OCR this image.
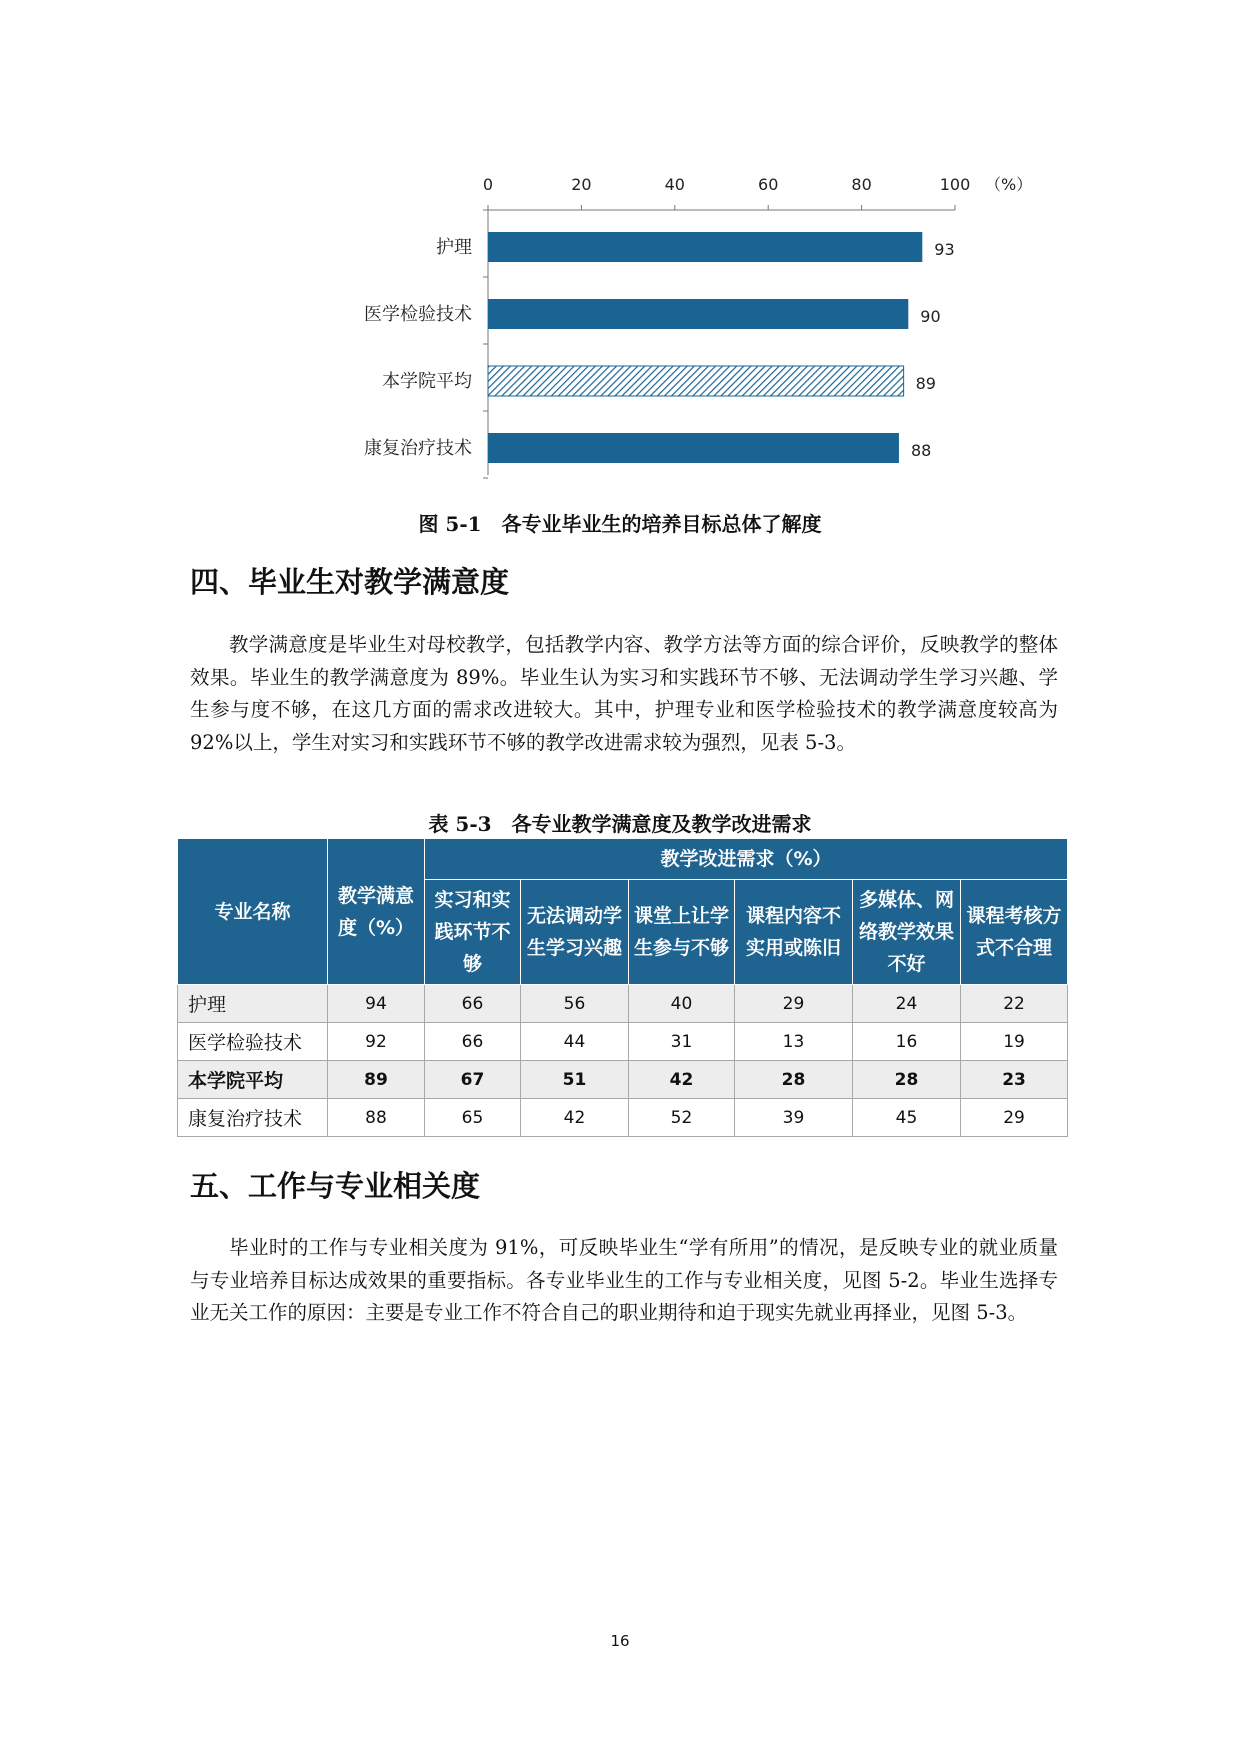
0	20	40	60	80	100 （%）
护理	93
医学检验技术	90
本学院平均	89
康复治疗技术	88
图 5-1　各专业毕业生的培养目标总体了解度
四、毕业生对教学满意度

教学满意度是毕业生对母校教学，包括教学内容、教学方法等方面的综合评价，反映教学的整体效果。毕业生的教学满意度为 89%。毕业生认为实习和实践环节不够、无法调动学生学习兴趣、学生参与度不够，在这几方面的需求改进较大。其中，护理专业和医学检验技术的教学满意度较高为 92%以上，学生对实习和实践环节不够的教学改进需求较为强烈，见表 5-3。

表 5-3　各专业教学满意度及教学改进需求
专业名称	教学满意度（%）	教学改进需求（%）					
		实习和实践环节不够	无法调动学生学习兴趣	课堂上让学生参与不够	课程内容不实用或陈旧	多媒体、网络教学效果不好	课程考核方式不合理
护理	94	66	56	40	29	24	22
医学检验技术	92	66	44	31	13	16	19
本学院平均	89	67	51	42	28	28	23
康复治疗技术	88	65	42	52	39	45	29
五、工作与专业相关度

毕业时的工作与专业相关度为 91%，可反映毕业生“学有所用”的情况，是反映专业的就业质量与专业培养目标达成效果的重要指标。各专业毕业生的工作与专业相关度，见图 5-2。毕业生选择专业无关工作的原因：主要是专业工作不符合自己的职业期待和迫于现实先就业再择业，见图 5-3。

16
